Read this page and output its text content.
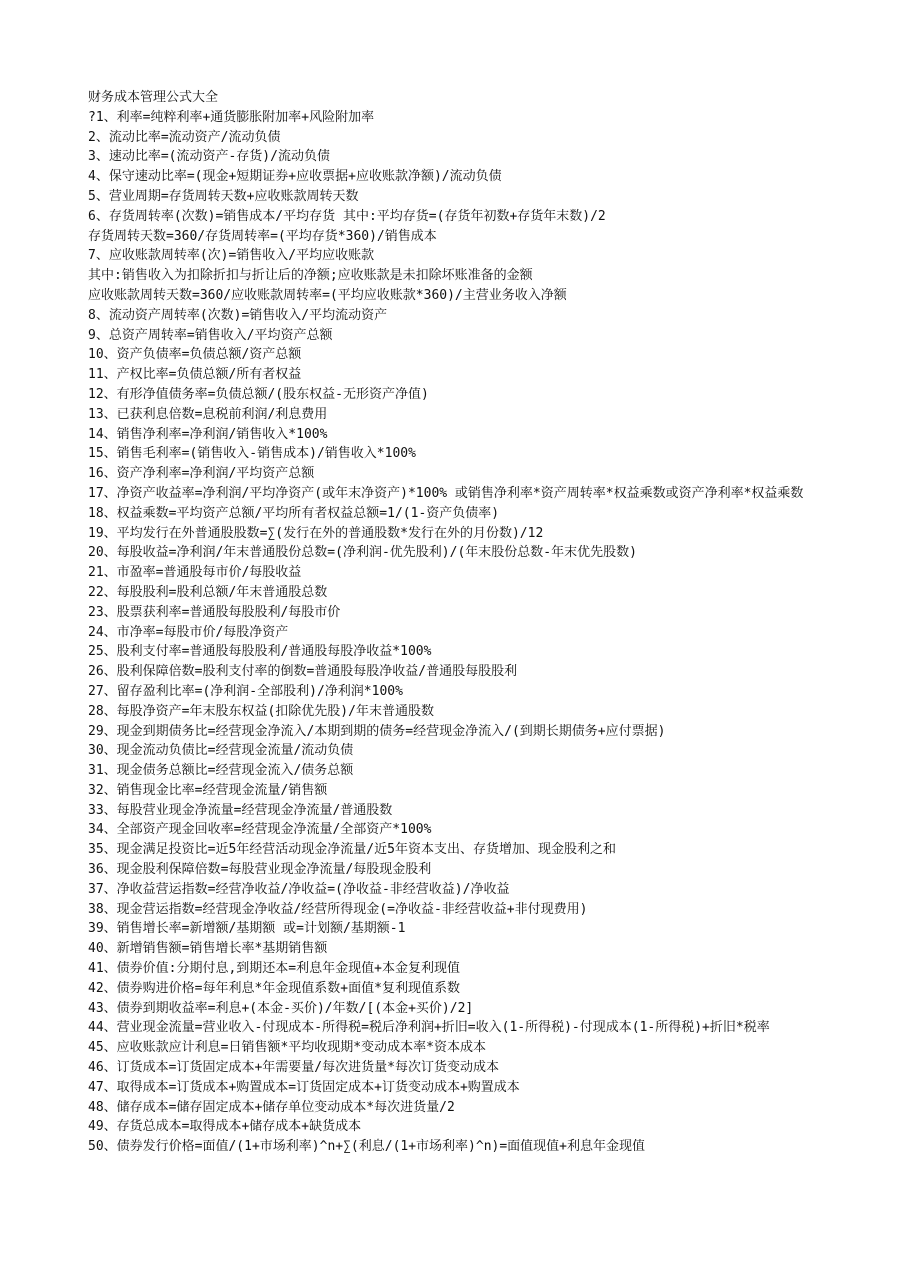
财务成本管理公式大全
?1、利率=纯粹利率+通货膨胀附加率+风险附加率
2、流动比率=流动资产/流动负债
3、速动比率=(流动资产-存货)/流动负债
4、保守速动比率=(现金+短期证券+应收票据+应收账款净额)/流动负债
5、营业周期=存货周转天数+应收账款周转天数
6、存货周转率(次数)=销售成本/平均存货 其中:平均存货=(存货年初数+存货年末数)/2
存货周转天数=360/存货周转率=(平均存货*360)/销售成本
7、应收账款周转率(次)=销售收入/平均应收账款
其中:销售收入为扣除折扣与折让后的净额;应收账款是未扣除坏账准备的金额
应收账款周转天数=360/应收账款周转率=(平均应收账款*360)/主营业务收入净额
8、流动资产周转率(次数)=销售收入/平均流动资产
9、总资产周转率=销售收入/平均资产总额
10、资产负债率=负债总额/资产总额
11、产权比率=负债总额/所有者权益
12、有形净值债务率=负债总额/(股东权益-无形资产净值)
13、已获利息倍数=息税前利润/利息费用
14、销售净利率=净利润/销售收入*100%
15、销售毛利率=(销售收入-销售成本)/销售收入*100%
16、资产净利率=净利润/平均资产总额
17、净资产收益率=净利润/平均净资产(或年末净资产)*100% 或销售净利率*资产周转率*权益乘数或资产净利率*权益乘数
18、权益乘数=平均资产总额/平均所有者权益总额=1/(1-资产负债率)
19、平均发行在外普通股股数=∑(发行在外的普通股数*发行在外的月份数)/12
20、每股收益=净利润/年末普通股份总数=(净利润-优先股利)/(年末股份总数-年末优先股数)
21、市盈率=普通股每市价/每股收益
22、每股股利=股利总额/年末普通股总数
23、股票获利率=普通股每股股利/每股市价
24、市净率=每股市价/每股净资产
25、股利支付率=普通股每股股利/普通股每股净收益*100%
26、股利保障倍数=股利支付率的倒数=普通股每股净收益/普通股每股股利
27、留存盈利比率=(净利润-全部股利)/净利润*100%
28、每股净资产=年末股东权益(扣除优先股)/年末普通股数
29、现金到期债务比=经营现金净流入/本期到期的债务=经营现金净流入/(到期长期债务+应付票据)
30、现金流动负债比=经营现金流量/流动负债
31、现金债务总额比=经营现金流入/债务总额
32、销售现金比率=经营现金流量/销售额
33、每股营业现金净流量=经营现金净流量/普通股数
34、全部资产现金回收率=经营现金净流量/全部资产*100%
35、现金满足投资比=近5年经营活动现金净流量/近5年资本支出、存货增加、现金股利之和
36、现金股利保障倍数=每股营业现金净流量/每股现金股利
37、净收益营运指数=经营净收益/净收益=(净收益-非经营收益)/净收益
38、现金营运指数=经营现金净收益/经营所得现金(=净收益-非经营收益+非付现费用)
39、销售增长率=新增额/基期额 或=计划额/基期额-1
40、新增销售额=销售增长率*基期销售额
41、债券价值:分期付息,到期还本=利息年金现值+本金复利现值
42、债券购进价格=每年利息*年金现值系数+面值*复利现值系数
43、债券到期收益率=利息+(本金-买价)/年数/[(本金+买价)/2]
44、营业现金流量=营业收入-付现成本-所得税=税后净利润+折旧=收入(1-所得税)-付现成本(1-所得税)+折旧*税率
45、应收账款应计利息=日销售额*平均收现期*变动成本率*资本成本
46、订货成本=订货固定成本+年需要量/每次进货量*每次订货变动成本
47、取得成本=订货成本+购置成本=订货固定成本+订货变动成本+购置成本
48、储存成本=储存固定成本+储存单位变动成本*每次进货量/2
49、存货总成本=取得成本+储存成本+缺货成本
50、债券发行价格=面值/(1+市场利率)^n+∑(利息/(1+市场利率)^n)=面值现值+利息年金现值
